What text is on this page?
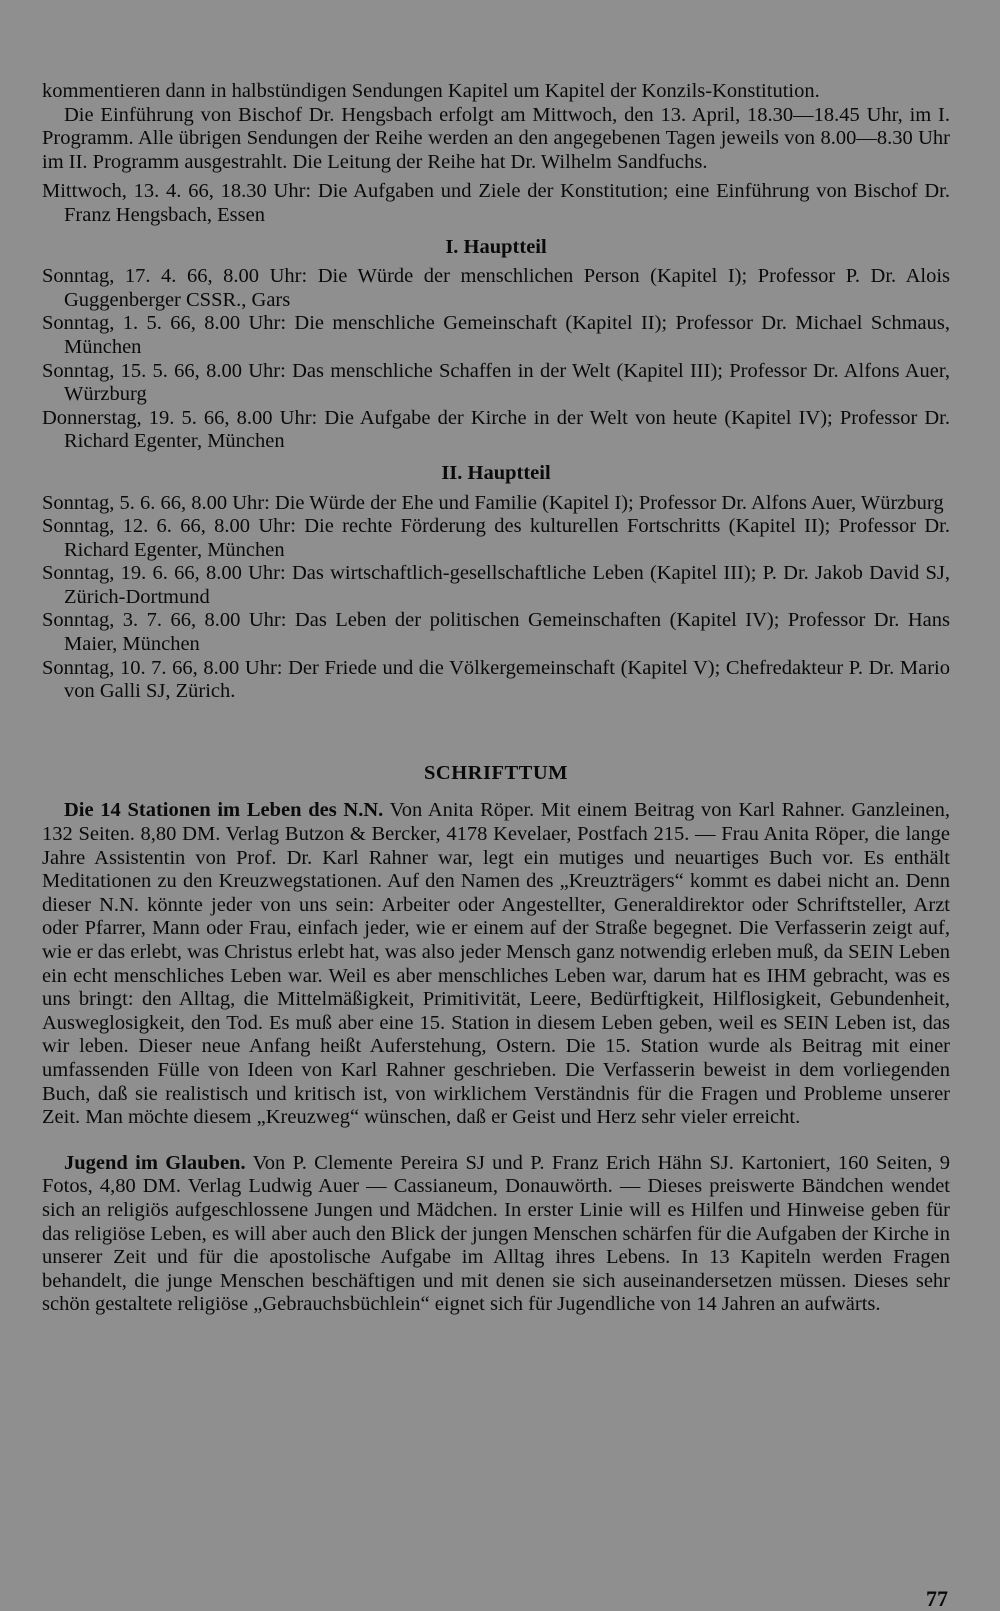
kommentieren dann in halbstündigen Sendungen Kapitel um Kapitel der Konzils-Konstitution.

Die Einführung von Bischof Dr. Hengsbach erfolgt am Mittwoch, den 13. April, 18.30—18.45 Uhr, im I. Programm. Alle übrigen Sendungen der Reihe werden an den angegebenen Tagen jeweils von 8.00—8.30 Uhr im II. Programm ausgestrahlt. Die Leitung der Reihe hat Dr. Wilhelm Sandfuchs.

Mittwoch, 13. 4. 66, 18.30 Uhr: Die Aufgaben und Ziele der Konstitution; eine Einführung von Bischof Dr. Franz Hengsbach, Essen

I. Hauptteil

Sonntag, 17. 4. 66, 8.00 Uhr: Die Würde der menschlichen Person (Kapitel I); Professor P. Dr. Alois Guggenberger CSSR., Gars

Sonntag, 1. 5. 66, 8.00 Uhr: Die menschliche Gemeinschaft (Kapitel II); Professor Dr. Michael Schmaus, München

Sonntag, 15. 5. 66, 8.00 Uhr: Das menschliche Schaffen in der Welt (Kapitel III); Professor Dr. Alfons Auer, Würzburg

Donnerstag, 19. 5. 66, 8.00 Uhr: Die Aufgabe der Kirche in der Welt von heute (Kapitel IV); Professor Dr. Richard Egenter, München

II. Hauptteil

Sonntag, 5. 6. 66, 8.00 Uhr: Die Würde der Ehe und Familie (Kapitel I); Professor Dr. Alfons Auer, Würzburg

Sonntag, 12. 6. 66, 8.00 Uhr: Die rechte Förderung des kulturellen Fortschritts (Kapitel II); Professor Dr. Richard Egenter, München

Sonntag, 19. 6. 66, 8.00 Uhr: Das wirtschaftlich-gesellschaftliche Leben (Kapitel III); P. Dr. Jakob David SJ, Zürich-Dortmund

Sonntag, 3. 7. 66, 8.00 Uhr: Das Leben der politischen Gemeinschaften (Kapitel IV); Professor Dr. Hans Maier, München

Sonntag, 10. 7. 66, 8.00 Uhr: Der Friede und die Völkergemeinschaft (Kapitel V); Chefredakteur P. Dr. Mario von Galli SJ, Zürich.

SCHRIFTTUM

Die 14 Stationen im Leben des N.N. Von Anita Röper. Mit einem Beitrag von Karl Rahner. Ganzleinen, 132 Seiten. 8,80 DM. Verlag Butzon & Bercker, 4178 Kevelaer, Postfach 215. — Frau Anita Röper, die lange Jahre Assistentin von Prof. Dr. Karl Rahner war, legt ein mutiges und neuartiges Buch vor. Es enthält Meditationen zu den Kreuzwegstationen. Auf den Namen des „Kreuzträgers“ kommt es dabei nicht an. Denn dieser N.N. könnte jeder von uns sein: Arbeiter oder Angestellter, Generaldirektor oder Schriftsteller, Arzt oder Pfarrer, Mann oder Frau, einfach jeder, wie er einem auf der Straße begegnet. Die Verfasserin zeigt auf, wie er das erlebt, was Christus erlebt hat, was also jeder Mensch ganz notwendig erleben muß, da SEIN Leben ein echt menschliches Leben war. Weil es aber menschliches Leben war, darum hat es IHM gebracht, was es uns bringt: den Alltag, die Mittelmäßigkeit, Primitivität, Leere, Bedürftigkeit, Hilflosigkeit, Gebundenheit, Ausweglosigkeit, den Tod. Es muß aber eine 15. Station in diesem Leben geben, weil es SEIN Leben ist, das wir leben. Dieser neue Anfang heißt Auferstehung, Ostern. Die 15. Station wurde als Beitrag mit einer umfassenden Fülle von Ideen von Karl Rahner geschrieben. Die Verfasserin beweist in dem vorliegenden Buch, daß sie realistisch und kritisch ist, von wirklichem Verständnis für die Fragen und Probleme unserer Zeit. Man möchte diesem „Kreuzweg“ wünschen, daß er Geist und Herz sehr vieler erreicht.

Jugend im Glauben. Von P. Clemente Pereira SJ und P. Franz Erich Hähn SJ. Kartoniert, 160 Seiten, 9 Fotos, 4,80 DM. Verlag Ludwig Auer — Cassianeum, Donauwörth. — Dieses preiswerte Bändchen wendet sich an religiös aufgeschlossene Jungen und Mädchen. In erster Linie will es Hilfen und Hinweise geben für das religiöse Leben, es will aber auch den Blick der jungen Menschen schärfen für die Aufgaben der Kirche in unserer Zeit und für die apostolische Aufgabe im Alltag ihres Lebens. In 13 Kapiteln werden Fragen behandelt, die junge Menschen beschäftigen und mit denen sie sich auseinandersetzen müssen. Dieses sehr schön gestaltete religiöse „Gebrauchsbüchlein“ eignet sich für Jugendliche von 14 Jahren an aufwärts.

77
